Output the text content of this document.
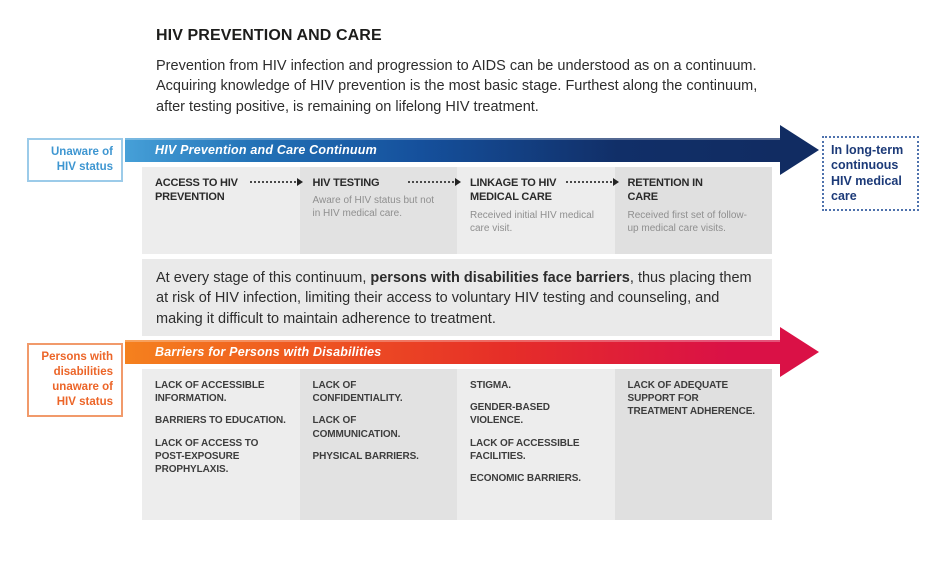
HIV PREVENTION AND CARE
Prevention from HIV infection and progression to AIDS can be understood as on a continuum. Acquiring knowledge of HIV prevention is the most basic stage. Furthest along the continuum, after testing positive, is remaining on lifelong HIV treatment.
Unaware of HIV status
HIV Prevention and Care Continuum	In long-term continuous HIV medical care
ACCESS TO HIV PREVENTION
HIV TESTING
Aware of HIV status but not in HIV medical care.
LINKAGE TO HIV MEDICAL CARE
Received initial HIV medical care visit.
RETENTION IN CARE
Received first set of follow-up medical care visits.
At every stage of this continuum, persons with disabilities face barriers, thus placing them at risk of HIV infection, limiting their access to voluntary HIV testing and counseling, and making it difficult to maintain adherence to treatment.
Persons with disabilities unaware of HIV status
Barriers for Persons with Disabilities

LACK OF ACCESSIBLE INFORMATION.

BARRIERS TO EDUCATION.

LACK OF ACCESS TO POST-EXPOSURE PROPHYLAXIS.

LACK OF CONFIDENTIALITY.

LACK OF COMMUNICATION.

PHYSICAL BARRIERS.

STIGMA.

GENDER-BASED VIOLENCE.

LACK OF ACCESSIBLE FACILITIES.

ECONOMIC BARRIERS.

LACK OF ADEQUATE SUPPORT FOR TREATMENT ADHERENCE.
